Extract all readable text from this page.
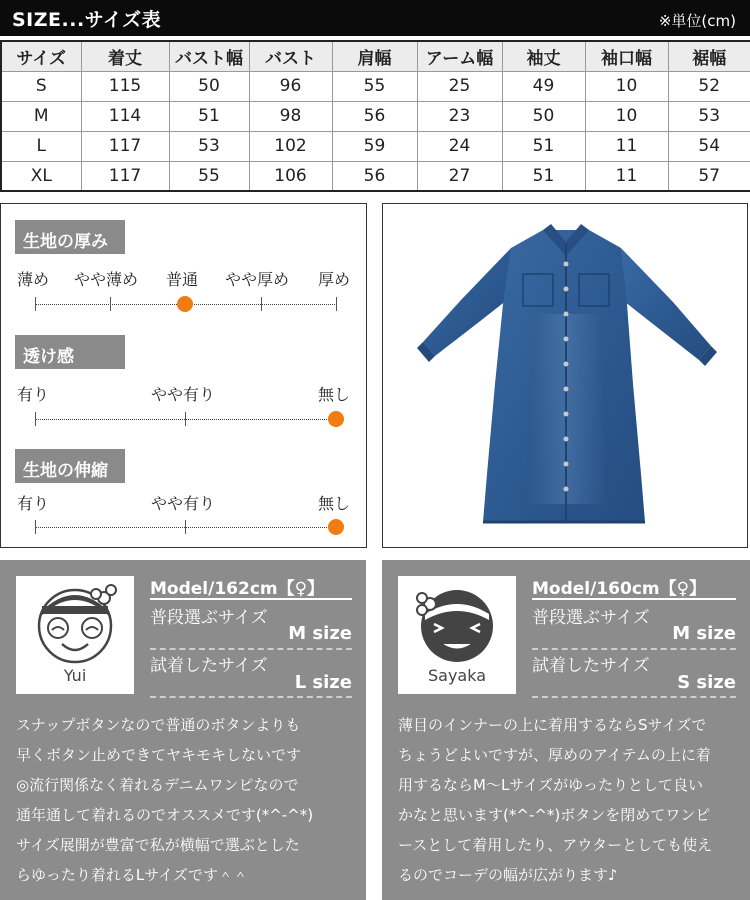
SIZE...サイズ表	※単位(cm)
サイズ	着丈	バスト幅	バスト	肩幅	アーム幅	袖丈	袖口幅	裾幅
S	115	50	96	55	25	49	10	52
M	114	51	98	56	23	50	10	53
L	117	53	102	59	24	51	11	54
XL	117	55	106	56	27	51	11	57
生地の厚み
薄め やや薄め 普通 やや厚め 厚め
透け感
有り	やや有り	無し
生地の伸縮
有り	やや有り	無し
Yui
Model/162cm【♀】
普段選ぶサイズ
M size
試着したサイズ
L size
スナップボタンなので普通のボタンよりも
早くボタン止めできてヤキモキしないです
◎流行関係なく着れるデニムワンピなので
通年通して着れるのでオススメです(*^-^*)
サイズ展開が豊富で私が横幅で選ぶとした
らゆったり着れるLサイズです＾＾
Sayaka
Model/160cm【♀】
普段選ぶサイズ
M size
試着したサイズ
S size
薄目のインナーの上に着用するならSサイズで
ちょうどよいですが、厚めのアイテムの上に着
用するならM～Lサイズがゆったりとして良い
かなと思います(*^-^*)ボタンを閉めてワンピ
ースとして着用したり、アウターとしても使え
るのでコーデの幅が広がります♪
